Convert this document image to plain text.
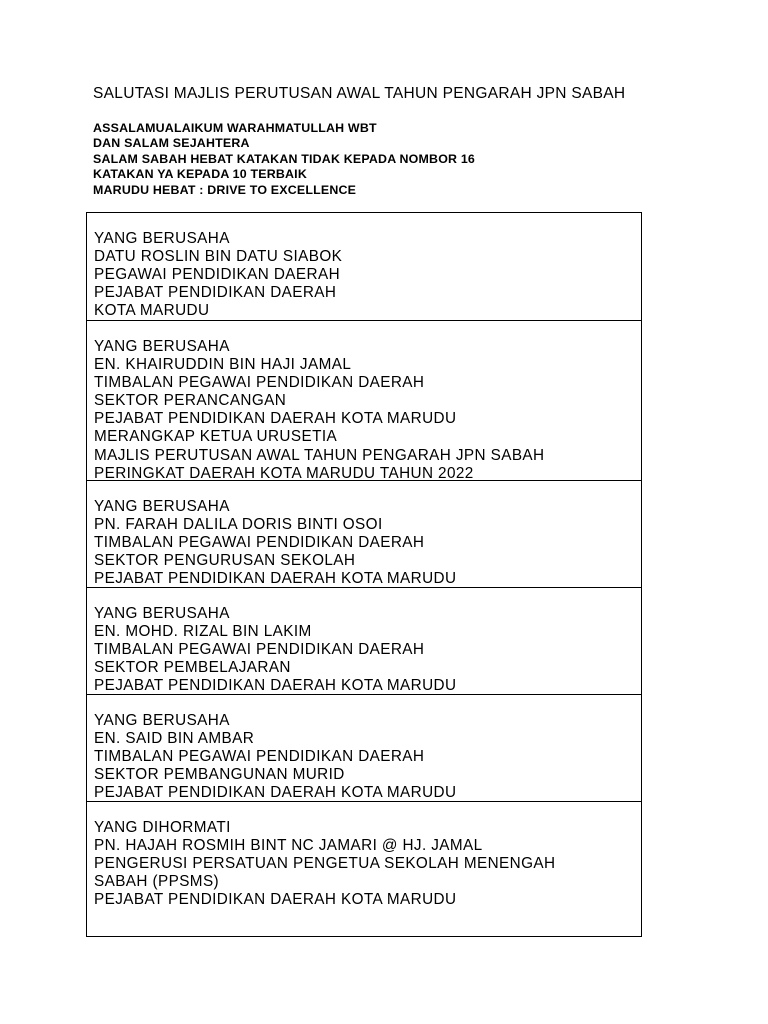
SALUTASI MAJLIS PERUTUSAN AWAL TAHUN PENGARAH JPN SABAH
ASSALAMUALAIKUM WARAHMATULLAH WBT
DAN SALAM SEJAHTERA
SALAM SABAH HEBAT KATAKAN TIDAK KEPADA NOMBOR 16
KATAKAN YA KEPADA 10 TERBAIK
MARUDU HEBAT : DRIVE TO EXCELLENCE
YANG BERUSAHA
DATU ROSLIN BIN DATU SIABOK
PEGAWAI PENDIDIKAN DAERAH
PEJABAT PENDIDIKAN DAERAH
KOTA MARUDU
YANG BERUSAHA
EN. KHAIRUDDIN BIN HAJI JAMAL
TIMBALAN PEGAWAI PENDIDIKAN DAERAH
SEKTOR PERANCANGAN
PEJABAT PENDIDIKAN DAERAH KOTA MARUDU
MERANGKAP KETUA URUSETIA
MAJLIS PERUTUSAN AWAL TAHUN PENGARAH JPN SABAH
PERINGKAT DAERAH KOTA MARUDU TAHUN 2022
YANG BERUSAHA
PN. FARAH DALILA DORIS BINTI OSOI
TIMBALAN PEGAWAI PENDIDIKAN DAERAH
SEKTOR PENGURUSAN SEKOLAH
PEJABAT PENDIDIKAN DAERAH KOTA MARUDU
YANG BERUSAHA
EN. MOHD. RIZAL BIN LAKIM
TIMBALAN PEGAWAI PENDIDIKAN DAERAH
SEKTOR PEMBELAJARAN
PEJABAT PENDIDIKAN DAERAH KOTA MARUDU
YANG BERUSAHA
EN. SAID BIN AMBAR
TIMBALAN PEGAWAI PENDIDIKAN DAERAH
SEKTOR PEMBANGUNAN MURID
PEJABAT PENDIDIKAN DAERAH KOTA MARUDU
YANG DIHORMATI
PN. HAJAH ROSMIH BINT NC JAMARI @ HJ. JAMAL
PENGERUSI PERSATUAN PENGETUA SEKOLAH MENENGAH
SABAH (PPSMS)
PEJABAT PENDIDIKAN DAERAH KOTA MARUDU
